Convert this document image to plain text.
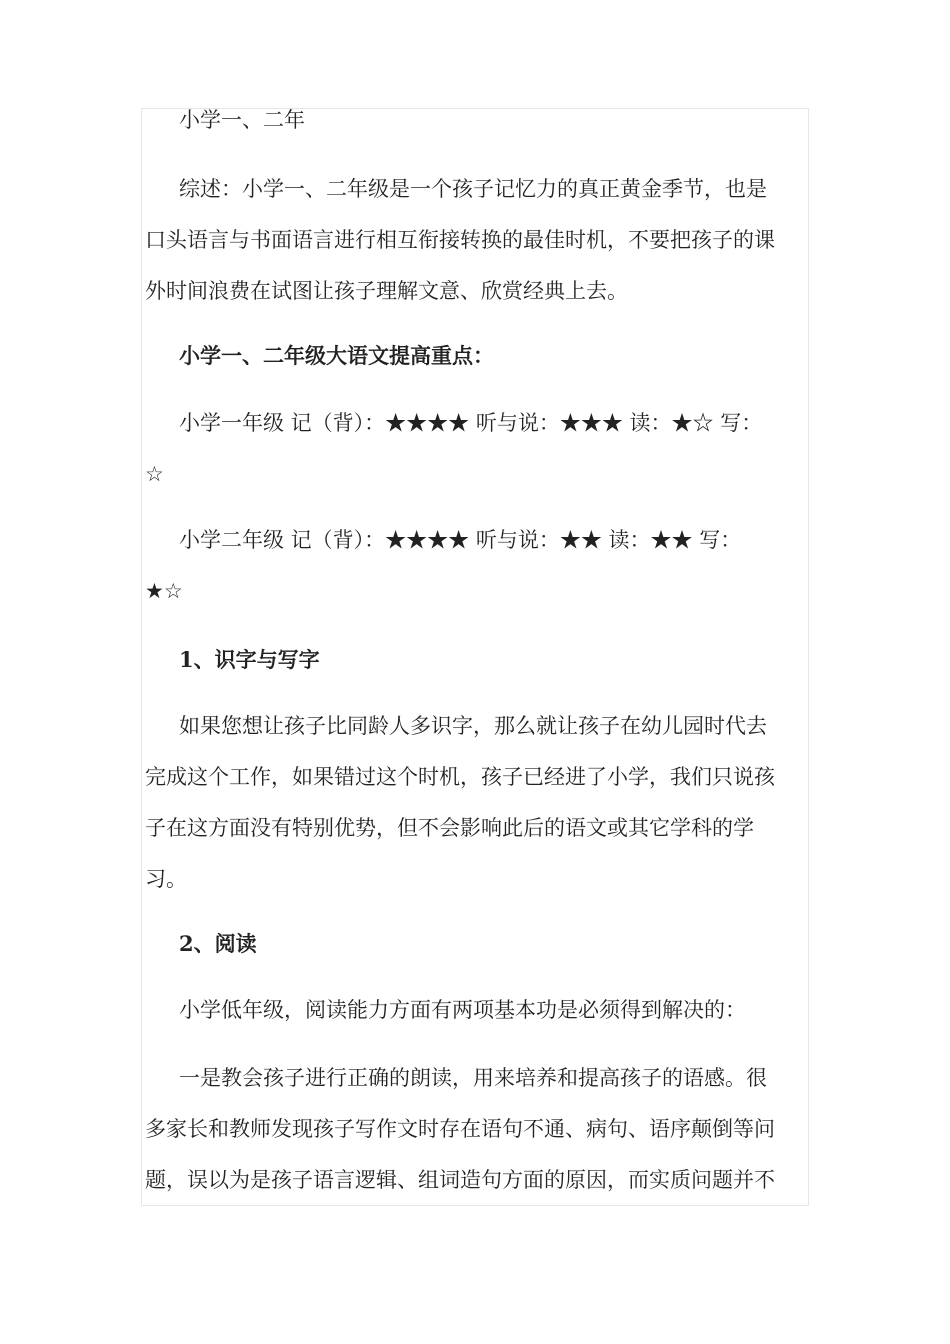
小学一、二年

综述：小学一、二年级是一个孩子记忆力的真正黄金季节，也是
口头语言与书面语言进行相互衔接转换的最佳时机，不要把孩子的课
外时间浪费在试图让孩子理解文意、欣赏经典上去。

小学一、二年级大语文提高重点：

小学一年级 记（背）：★★★★ 听与说：★★★ 读：★☆ 写：
☆

小学二年级 记（背）：★★★★ 听与说：★★ 读：★★ 写：
★☆

1、识字与写字

如果您想让孩子比同龄人多识字，那么就让孩子在幼儿园时代去
完成这个工作，如果错过这个时机，孩子已经进了小学，我们只说孩
子在这方面没有特别优势，但不会影响此后的语文或其它学科的学
习。

2、阅读

小学低年级，阅读能力方面有两项基本功是必须得到解决的：

一是教会孩子进行正确的朗读，用来培养和提高孩子的语感。很
多家长和教师发现孩子写作文时存在语句不通、病句、语序颠倒等问
题，误以为是孩子语言逻辑、组词造句方面的原因，而实质问题并不
